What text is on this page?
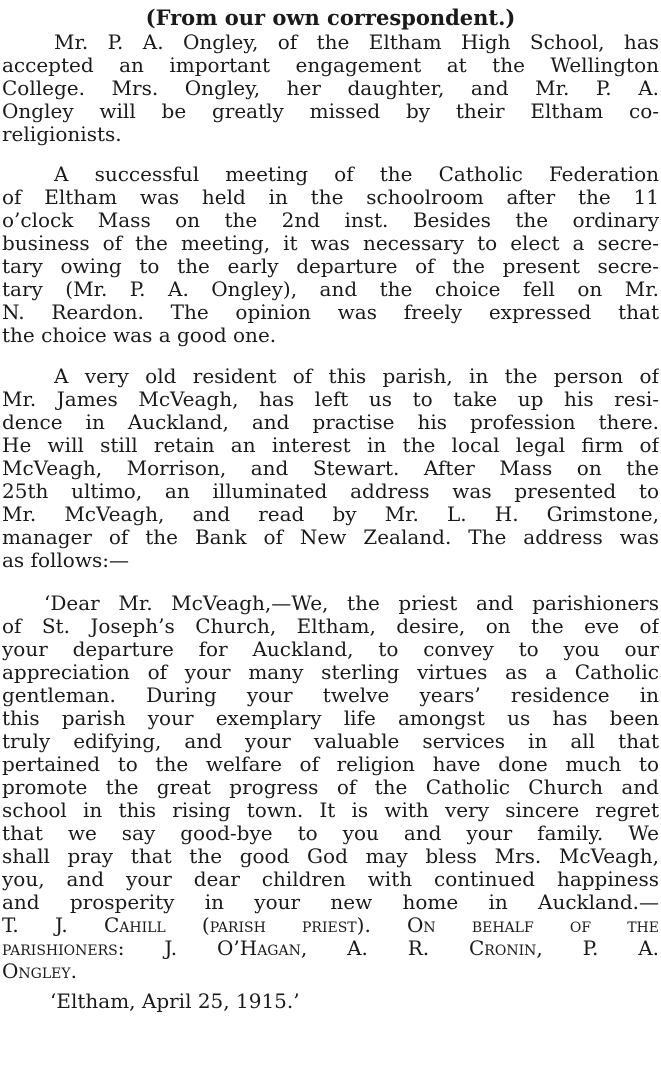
(From our own correspondent.)
Mr. P. A. Ongley, of the Eltham High School, has
accepted an important engagement at the Wellington
College. Mrs. Ongley, her daughter, and Mr. P. A.
Ongley will be greatly missed by their Eltham co-
religionists.
A successful meeting of the Catholic Federation
of Eltham was held in the schoolroom after the 11
o’clock Mass on the 2nd inst. Besides the ordinary
business of the meeting, it was necessary to elect a secre-
tary owing to the early departure of the present secre-
tary (Mr. P. A. Ongley), and the choice fell on Mr.
N. Reardon. The opinion was freely expressed that
the choice was a good one.
A very old resident of this parish, in the person of
Mr. James McVeagh, has left us to take up his resi-
dence in Auckland, and practise his profession there.
He will still retain an interest in the local legal firm of
McVeagh, Morrison, and Stewart. After Mass on the
25th ultimo, an illuminated address was presented to
Mr. McVeagh, and read by Mr. L. H. Grimstone,
manager of the Bank of New Zealand. The address was
as follows:—
‘Dear Mr. McVeagh,—We, the priest and parishioners
of St. Joseph’s Church, Eltham, desire, on the eve of
your departure for Auckland, to convey to you our
appreciation of your many sterling virtues as a Catholic
gentleman. During your twelve years’ residence in
this parish your exemplary life amongst us has been
truly edifying, and your valuable services in all that
pertained to the welfare of religion have done much to
promote the great progress of the Catholic Church and
school in this rising town. It is with very sincere regret
that we say good-bye to you and your family. We
shall pray that the good God may bless Mrs. McVeagh,
you, and your dear children with continued happiness
and prosperity in your new home in Auckland.—
T. J. Cahill (parish priest). On behalf of the
parishioners: J. O’Hagan, A. R. Cronin, P. A.
Ongley.
‘Eltham, April 25, 1915.’
